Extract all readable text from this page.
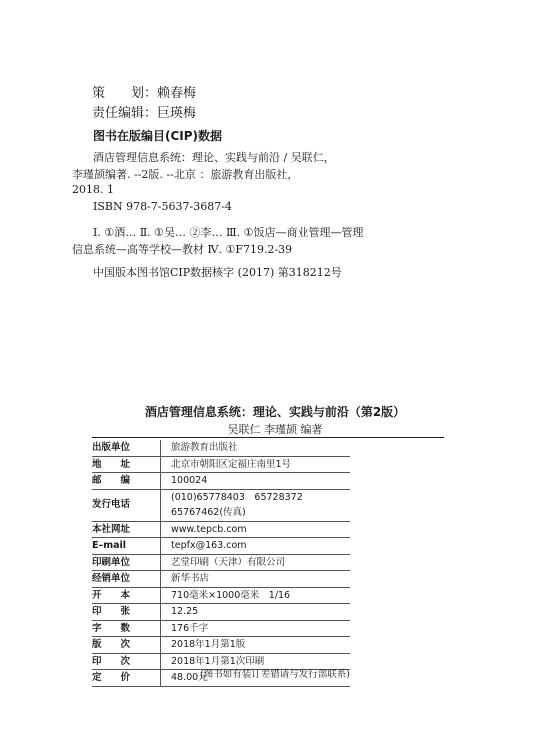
策　　划：赖春梅
责任编辑：巨瑛梅
图书在版编目(CIP)数据
酒店管理信息系统：理论、实践与前沿 / 吴联仁，
李瑾颉编著. --2版. --北京 ：旅游教育出版社，
2018. 1
ISBN 978-7-5637-3687-4
Ⅰ. ①酒… Ⅱ. ①吴… ②李… Ⅲ. ①饭店—商业管理—管理
信息系统—高等学校—教材 Ⅳ. ①F719.2-39
中国版本图书馆CIP数据核字 (2017) 第318212号
酒店管理信息系统：理论、实践与前沿（第2版）
吴联仁 李瑾颉 编著
出版单位	旅游教育出版社
地　　址	北京市朝阳区定福庄南里1号
邮　　编	100024
发行电话	(010)65778403　65728372　65767462(传真)
本社网址	www.tepcb.com
E–mail	tepfx@163.com
印刷单位	艺堂印刷（天津）有限公司
经销单位	新华书店
开　　本	710毫米×1000毫米　1/16
印　　张	12.25
字　　数	176千字
版　　次	2018年1月第1版
印　　次	2018年1月第1次印刷
定　　价	48.00元
(图书如有装订差错请与发行部联系)
